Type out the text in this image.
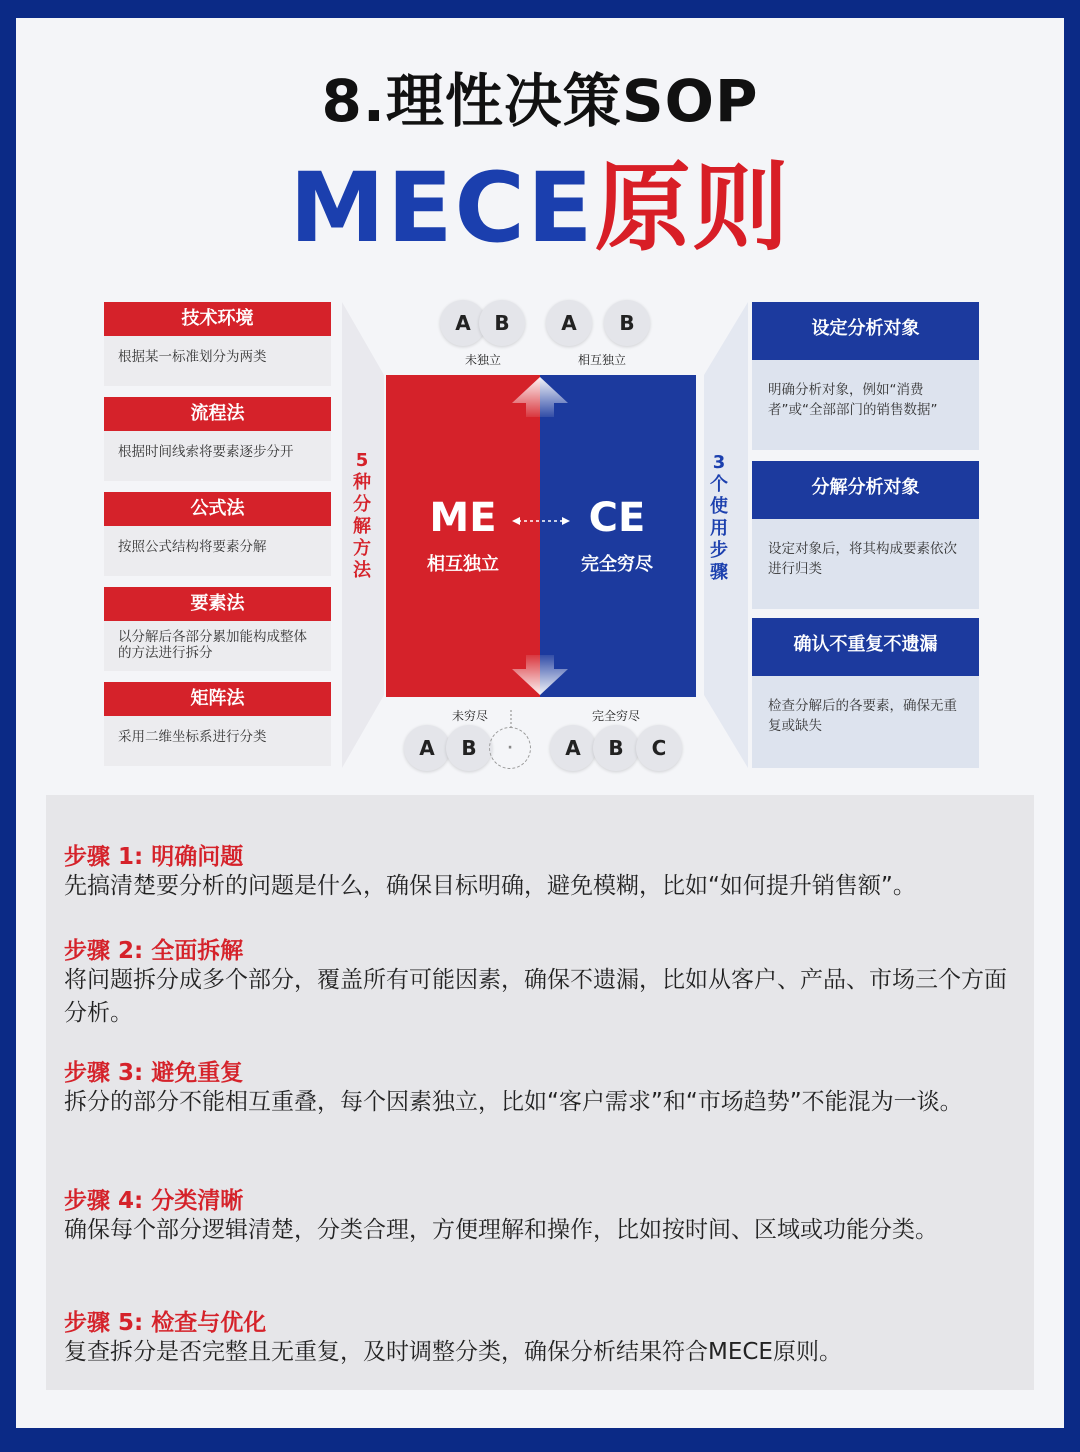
8.理性决策SOP
MECE原则
技术环境
根据某一标准划分为两类
流程法
根据时间线索将要素逐步分开
公式法
按照公式结构将要素分解
要素法
以分解后各部分累加能构成整体的方法进行拆分
矩阵法
采用二维坐标系进行分类
5种分解方法
3个使用步骤
A	B
未独立
A	B
相互独立
ME
相互独立
CE
完全穷尽
未穷尽
A	B	·
完全穷尽
A	B	C
设定分析对象
明确分析对象，例如“消费者”或“全部部门的销售数据”
分解分析对象
设定对象后，将其构成要素依次进行归类
确认不重复不遗漏
检查分解后的各要素，确保无重复或缺失
步骤 1: 明确问题
先搞清楚要分析的问题是什么，确保目标明确，避免模糊，比如“如何提升销售额”。
步骤 2: 全面拆解
将问题拆分成多个部分，覆盖所有可能因素，确保不遗漏，比如从客户、产品、市场三个方面分析。
步骤 3: 避免重复
拆分的部分不能相互重叠，每个因素独立，比如“客户需求”和“市场趋势”不能混为一谈。
步骤 4: 分类清晰
确保每个部分逻辑清楚，分类合理，方便理解和操作，比如按时间、区域或功能分类。
步骤 5: 检查与优化
复查拆分是否完整且无重复，及时调整分类，确保分析结果符合MECE原则。
